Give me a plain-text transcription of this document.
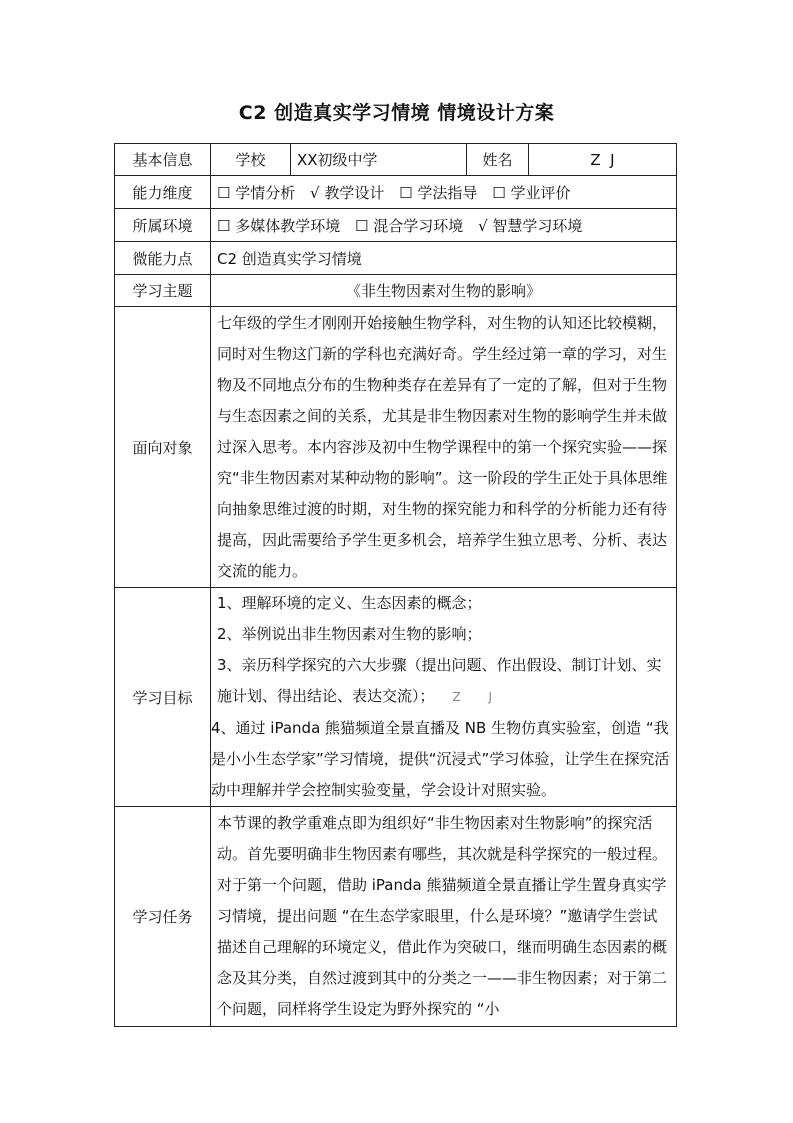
C2 创造真实学习情境 情境设计方案
基本信息	学校	XX初级中学	姓名	Z  J
能力维度	☐ 学情分析 √ 教学设计 ☐ 学法指导 ☐ 学业评价			
所属环境	☐ 多媒体教学环境 ☐ 混合学习环境 √ 智慧学习环境			
微能力点	C2 创造真实学习情境			
学习主题	《非生物因素对生物的影响》			
面向对象	七年级的学生才刚刚开始接触生物学科，对生物的认知还比较模糊，同时对生物这门新的学科也充满好奇。学生经过第一章的学习，对生物及不同地点分布的生物种类存在差异有了一定的了解，但对于生物与生态因素之间的关系，尤其是非生物因素对生物的影响学生并未做过深入思考。本内容涉及初中生物学课程中的第一个探究实验——探究“非生物因素对某种动物的影响”。这一阶段的学生正处于具体思维向抽象思维过渡的时期，对生物的探究能力和科学的分析能力还有待提高，因此需要给予学生更多机会，培养学生独立思考、分析、表达交流的能力。			

学习目标	1、理解环境的定义、生态因素的概念；

2、举例说出非生物因素对生物的影响；

3、亲历科学探究的六大步骤（提出问题、作出假设、制订计划、实施计划、得出结论、表达交流）； Z J

4、通过 iPanda 熊猫频道全景直播及 NB 生物仿真实验室，创造 “我是小小生态学家”学习情境，提供“沉浸式”学习体验，让学生在探究活动中理解并学会控制实验变量，学会设计对照实验。			

学习任务	本节课的教学重难点即为组织好“非生物因素对生物影响”的探究活动。首先要明确非生物因素有哪些，其次就是科学探究的一般过程。对于第一个问题，借助 iPanda 熊猫频道全景直播让学生置身真实学习情境，提出问题 “在生态学家眼里，什么是环境？”邀请学生尝试描述自己理解的环境定义，借此作为突破口，继而明确生态因素的概念及其分类，自然过渡到其中的分类之一——非生物因素；对于第二个问题，同样将学生设定为野外探究的 “小			
